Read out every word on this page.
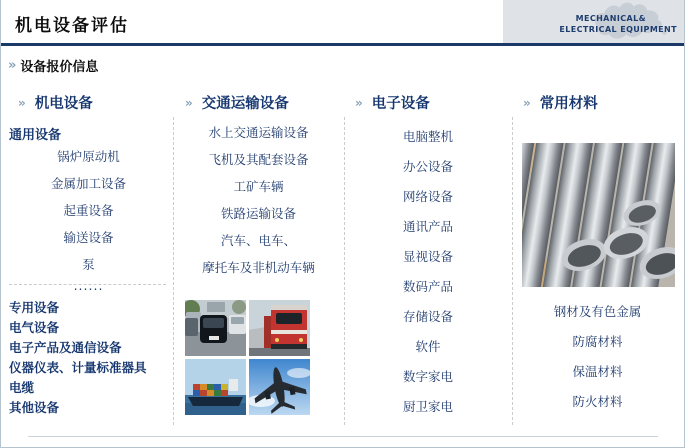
机电设备评估	MECHANICAL&
ELECTRICAL EQUIPMENT
» 设备报价信息
» 机电设备	» 交通运输设备	» 电子设备	» 常用材料
通用设备
锅炉原动机
金属加工设备
起重设备
输送设备
泵
......
专用设备
电气设备
电子产品及通信设备
仪器仪表、计量标准器具
电缆
其他设备
水上交通运输设备
飞机及其配套设备
工矿车辆
铁路运输设备
汽车、电车、
摩托车及非机动车辆
电脑整机
办公设备
网络设备
通讯产品
显视设备
数码产品
存储设备
软件
数字家电
厨卫家电
钢材及有色金属
防腐材料
保温材料
防火材料
